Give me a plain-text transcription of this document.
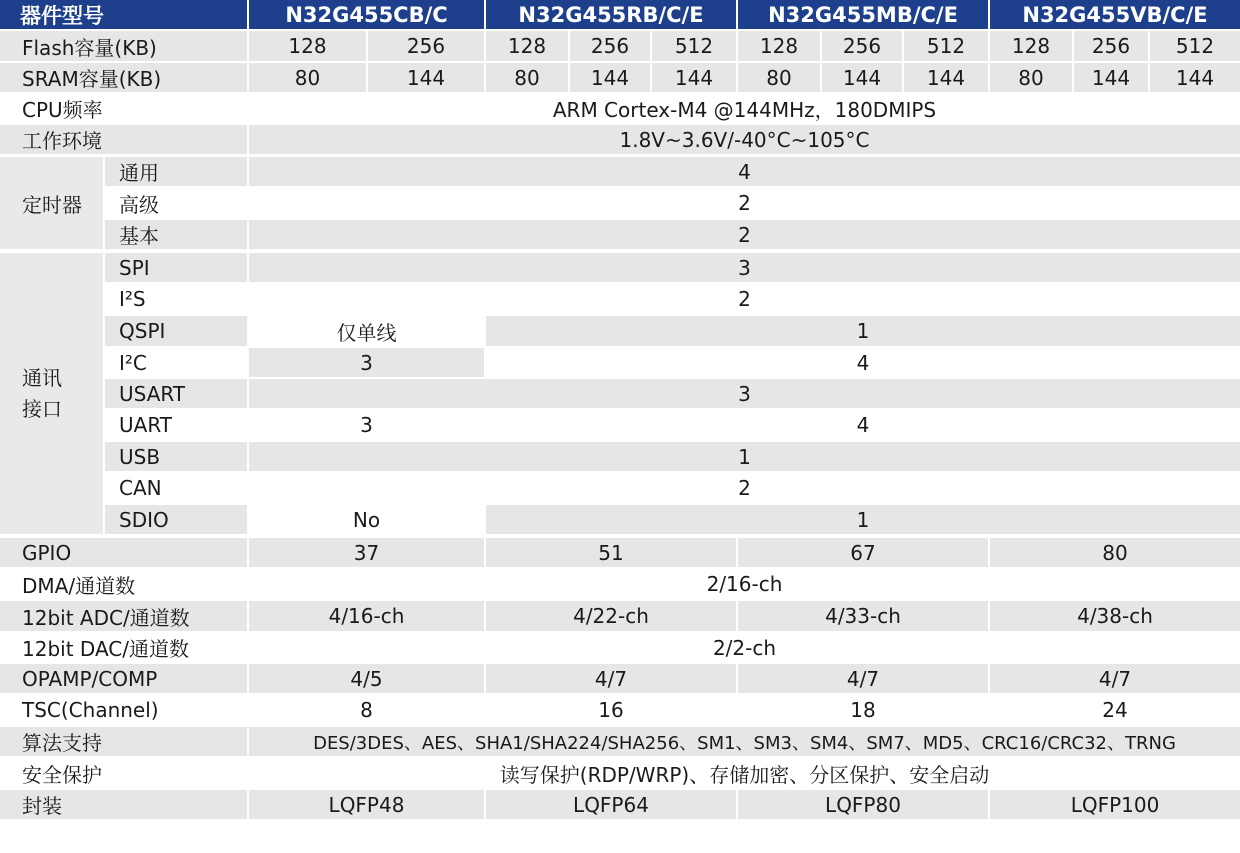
器件型号	N32G455CB/C	N32G455RB/C/E	N32G455MB/C/E	N32G455VB/C/E
Flash容量(KB)	128	256	128	256	512	128	256	512	128	256	512
SRAM容量(KB)	80	144	80	144	144	80	144	144	80	144	144
CPU频率	ARM Cortex-M4 @144MHz，180DMIPS
工作环境	1.8V~3.6V/-40°C~105°C
定时器
通用	4
高级	2
基本	2
通讯
接口
SPI	3
I²S	2
QSPI	仅单线	1
I²C	3	4
USART	3
UART	3	4
USB	1
CAN	2
SDIO	No	1
GPIO	37	51	67	80
DMA/通道数	2/16-ch
12bit ADC/通道数	4/16-ch	4/22-ch	4/33-ch	4/38-ch
12bit DAC/通道数	2/2-ch
OPAMP/COMP	4/5	4/7	4/7	4/7
TSC(Channel)	8	16	18	24
算法支持	DES/3DES、AES、SHA1/SHA224/SHA256、SM1、SM3、SM4、SM7、MD5、CRC16/CRC32、TRNG
安全保护	读写保护(RDP/WRP)、存储加密、分区保护、安全启动
封装	LQFP48	LQFP64	LQFP80	LQFP100
